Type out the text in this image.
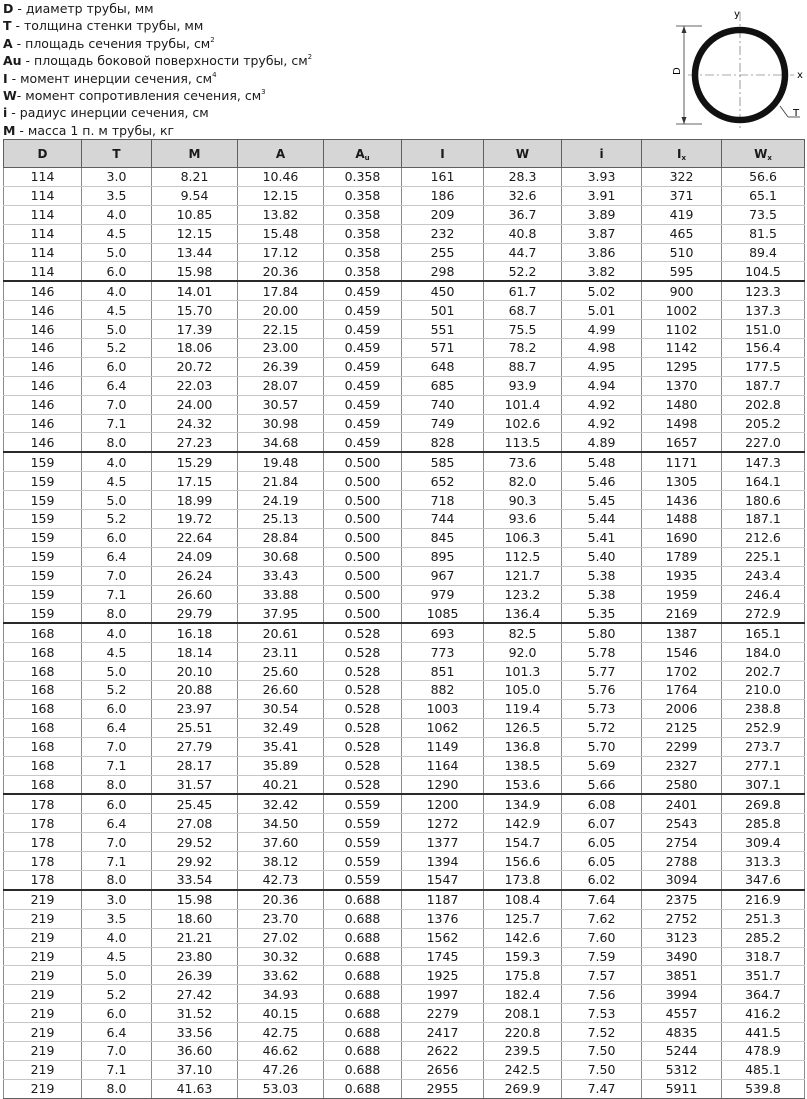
D - диаметр трубы, мм
T - толщина стенки трубы, мм
A - площадь сечения трубы, $см^2$
Au - площадь боковой поверхности трубы, $см^2$
I - момент инерции сечения, $см^4$
W- момент сопротивления сечения, $см^3$
i - радиус инерции сечения, см
M - масса 1 п. м трубы, кг
D
y
x
T
D	T	M	A	$A_u$	I	W	i	$I_x$	$W_x$
114	3.0	8.21	10.46	0.358	161	28.3	3.93	322	56.6
114	3.5	9.54	12.15	0.358	186	32.6	3.91	371	65.1
114	4.0	10.85	13.82	0.358	209	36.7	3.89	419	73.5
114	4.5	12.15	15.48	0.358	232	40.8	3.87	465	81.5
114	5.0	13.44	17.12	0.358	255	44.7	3.86	510	89.4
114	6.0	15.98	20.36	0.358	298	52.2	3.82	595	104.5
146	4.0	14.01	17.84	0.459	450	61.7	5.02	900	123.3
146	4.5	15.70	20.00	0.459	501	68.7	5.01	1002	137.3
146	5.0	17.39	22.15	0.459	551	75.5	4.99	1102	151.0
146	5.2	18.06	23.00	0.459	571	78.2	4.98	1142	156.4
146	6.0	20.72	26.39	0.459	648	88.7	4.95	1295	177.5
146	6.4	22.03	28.07	0.459	685	93.9	4.94	1370	187.7
146	7.0	24.00	30.57	0.459	740	101.4	4.92	1480	202.8
146	7.1	24.32	30.98	0.459	749	102.6	4.92	1498	205.2
146	8.0	27.23	34.68	0.459	828	113.5	4.89	1657	227.0
159	4.0	15.29	19.48	0.500	585	73.6	5.48	1171	147.3
159	4.5	17.15	21.84	0.500	652	82.0	5.46	1305	164.1
159	5.0	18.99	24.19	0.500	718	90.3	5.45	1436	180.6
159	5.2	19.72	25.13	0.500	744	93.6	5.44	1488	187.1
159	6.0	22.64	28.84	0.500	845	106.3	5.41	1690	212.6
159	6.4	24.09	30.68	0.500	895	112.5	5.40	1789	225.1
159	7.0	26.24	33.43	0.500	967	121.7	5.38	1935	243.4
159	7.1	26.60	33.88	0.500	979	123.2	5.38	1959	246.4
159	8.0	29.79	37.95	0.500	1085	136.4	5.35	2169	272.9
168	4.0	16.18	20.61	0.528	693	82.5	5.80	1387	165.1
168	4.5	18.14	23.11	0.528	773	92.0	5.78	1546	184.0
168	5.0	20.10	25.60	0.528	851	101.3	5.77	1702	202.7
168	5.2	20.88	26.60	0.528	882	105.0	5.76	1764	210.0
168	6.0	23.97	30.54	0.528	1003	119.4	5.73	2006	238.8
168	6.4	25.51	32.49	0.528	1062	126.5	5.72	2125	252.9
168	7.0	27.79	35.41	0.528	1149	136.8	5.70	2299	273.7
168	7.1	28.17	35.89	0.528	1164	138.5	5.69	2327	277.1
168	8.0	31.57	40.21	0.528	1290	153.6	5.66	2580	307.1
178	6.0	25.45	32.42	0.559	1200	134.9	6.08	2401	269.8
178	6.4	27.08	34.50	0.559	1272	142.9	6.07	2543	285.8
178	7.0	29.52	37.60	0.559	1377	154.7	6.05	2754	309.4
178	7.1	29.92	38.12	0.559	1394	156.6	6.05	2788	313.3
178	8.0	33.54	42.73	0.559	1547	173.8	6.02	3094	347.6
219	3.0	15.98	20.36	0.688	1187	108.4	7.64	2375	216.9
219	3.5	18.60	23.70	0.688	1376	125.7	7.62	2752	251.3
219	4.0	21.21	27.02	0.688	1562	142.6	7.60	3123	285.2
219	4.5	23.80	30.32	0.688	1745	159.3	7.59	3490	318.7
219	5.0	26.39	33.62	0.688	1925	175.8	7.57	3851	351.7
219	5.2	27.42	34.93	0.688	1997	182.4	7.56	3994	364.7
219	6.0	31.52	40.15	0.688	2279	208.1	7.53	4557	416.2
219	6.4	33.56	42.75	0.688	2417	220.8	7.52	4835	441.5
219	7.0	36.60	46.62	0.688	2622	239.5	7.50	5244	478.9
219	7.1	37.10	47.26	0.688	2656	242.5	7.50	5312	485.1
219	8.0	41.63	53.03	0.688	2955	269.9	7.47	5911	539.8
